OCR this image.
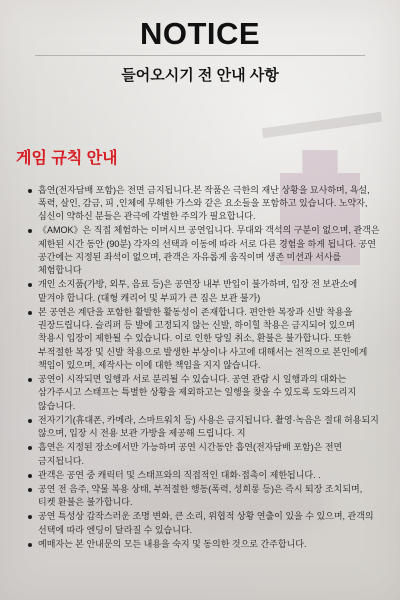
NOTICE
들어오시기 전 안내 사항
게임 규칙 안내
흡연(전자담배 포함)은 전면 금지됩니다.본 작품은 극한의 재난 상황을 묘사하며, 욕설, 폭력, 살인, 감금, 피 ,인체에 무해한 가스와 같은 요소들을 포함하고 있습니다. 노약자, 심신이 약하신 분들은 관극에 각별한 주의가 필요합니다.
《AMOK》은 직접 체험하는 이머시브 공연입니다. 무대와 객석의 구분이 없으며, 관객은 제한된 시간 동안 (90분) 각자의 선택과 이동에 따라 서로 다른 경험을 하게 됩니다. 공연 공간에는 지정된 좌석이 없으며, 관객은 자유롭게 움직이며 생존 미션과 서사를 체험합니다
개인 소지품(가방, 외투, 음료 등)은 공연장 내부 반입이 불가하며, 입장 전 보관소에 맡겨야 합니다. (대형 캐리어 및 부피가 큰 짐은 보관 불가)
본 공연은 계단을 포함한 활발한 활동성이 존재합니다. 편안한 복장과 신발 착용을 권장드립니다. 슬리퍼 등 발에 고정되지 않는 신발, 하이힐 착용은 금지되어 있으며 착용시 입장이 제한될 수 있습니다. 이로 인한 당일 취소, 환불은 불가합니다. 또한 부적절한 복장 및 신발 착용으로 발생한 부상이나 사고에 대해서는 전적으로 본인에게 책임이 있으며, 제작사는 이에 대한 책임을 지지 않습니다.
공연이 시작되면 일행과 서로 분리될 수 있습니다. 공연 관람 시 일행과의 대화는 삼가주시고 스태프는 특별한 상황을 제외하고는 일행을 찾을 수 있도록 도와드리지 않습니다.
전자기기(휴대폰, 카메라, 스마트워치 등) 사용은 금지됩니다. 촬영·녹음은 절대 허용되지 않으며, 입장 시 전용 보관 가방을 제공해 드립니다. 지
흡연은 지정된 장소에서만 가능하며 공연 시간동안 흡연(전자담배 포함)은 전면 금지됩니다.
관객은 공연 중 캐릭터 및 스태프와의 직접적인 대화·접촉이 제한됩니다. .
공연 전 음주, 약물 복용 상태, 부적절한 행동(폭력, 성희롱 등)은 즉시 퇴장 조치되며, 티켓 환불은 불가합니다.
공연 특성상 갑작스러운 조명 변화, 큰 소리, 위협적 상황 연출이 있을 수 있으며, 관객의 선택에 따라 엔딩이 달라질 수 있습니다.
예매자는 본 안내문의 모든 내용을 숙지 및 동의한 것으로 간주합니다.
